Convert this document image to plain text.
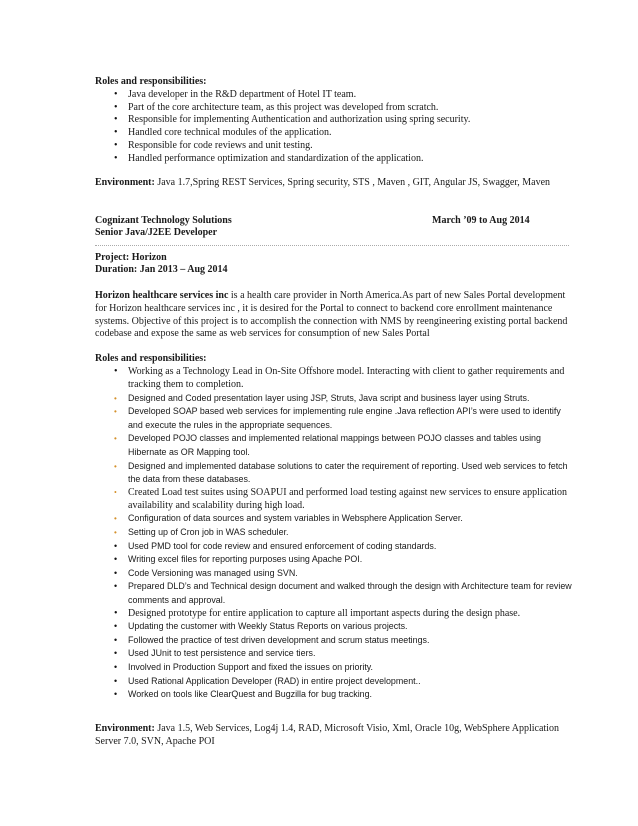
Roles and responsibilities:
• Java developer in the R&D department of Hotel IT team.
• Part of the core architecture team, as this project was developed from scratch.
• Responsible for implementing Authentication and authorization using spring security.
• Handled core technical modules of the application.
• Responsible for code reviews and unit testing.
• Handled performance optimization and standardization of the application.
Environment: Java 1.7,Spring REST Services, Spring security, STS , Maven , GIT, Angular JS, Swagger, Maven
Cognizant Technology Solutions	March ’09 to Aug 2014
Senior Java/J2EE Developer
Project: Horizon
Duration: Jan 2013 – Aug 2014
Horizon healthcare services inc is a health care provider in North America.As part of new Sales Portal development for Horizon healthcare services inc , it is desired for the Portal to connect to backend core enrollment maintenance systems. Objective of this project is to accomplish the connection with NMS by reengineering existing portal backend codebase and expose the same as web services for consumption of new Sales Portal
Roles and responsibilities:
• Working as a Technology Lead in On-Site Offshore model. Interacting with client to gather requirements and tracking them to completion.
• Designed and Coded presentation layer using JSP, Struts, Java script and business layer using Struts.
• Developed SOAP based web services for implementing rule engine .Java reflection API’s were used to identify and execute the rules in the appropriate sequences.
• Developed POJO classes and implemented relational mappings between POJO classes and tables using Hibernate as OR Mapping tool.
• Designed and implemented database solutions to cater the requirement of reporting. Used web services to fetch the data from these databases.
• Created Load test suites using SOAPUI and performed load testing against new services to ensure application availability and scalability during high load.
• Configuration of data sources and system variables in Websphere Application Server.
• Setting up of Cron job in WAS scheduler.
• Used PMD tool for code review and ensured enforcement of coding standards.
• Writing excel files for reporting purposes using Apache POI.
• Code Versioning was managed using SVN.
• Prepared DLD’s and Technical design document and walked through the design with Architecture team for review comments and approval.
• Designed prototype for entire application to capture all important aspects during the design phase.
• Updating the customer with Weekly Status Reports on various projects.
• Followed the practice of test driven development and scrum status meetings.
• Used JUnit to test persistence and service tiers.
• Involved in Production Support and fixed the issues on priority.
• Used Rational Application Developer (RAD) in entire project development..
• Worked on tools like ClearQuest and Bugzilla for bug tracking.
Environment: Java 1.5, Web Services, Log4j 1.4, RAD, Microsoft Visio, Xml, Oracle 10g, WebSphere Application Server 7.0, SVN, Apache POI
